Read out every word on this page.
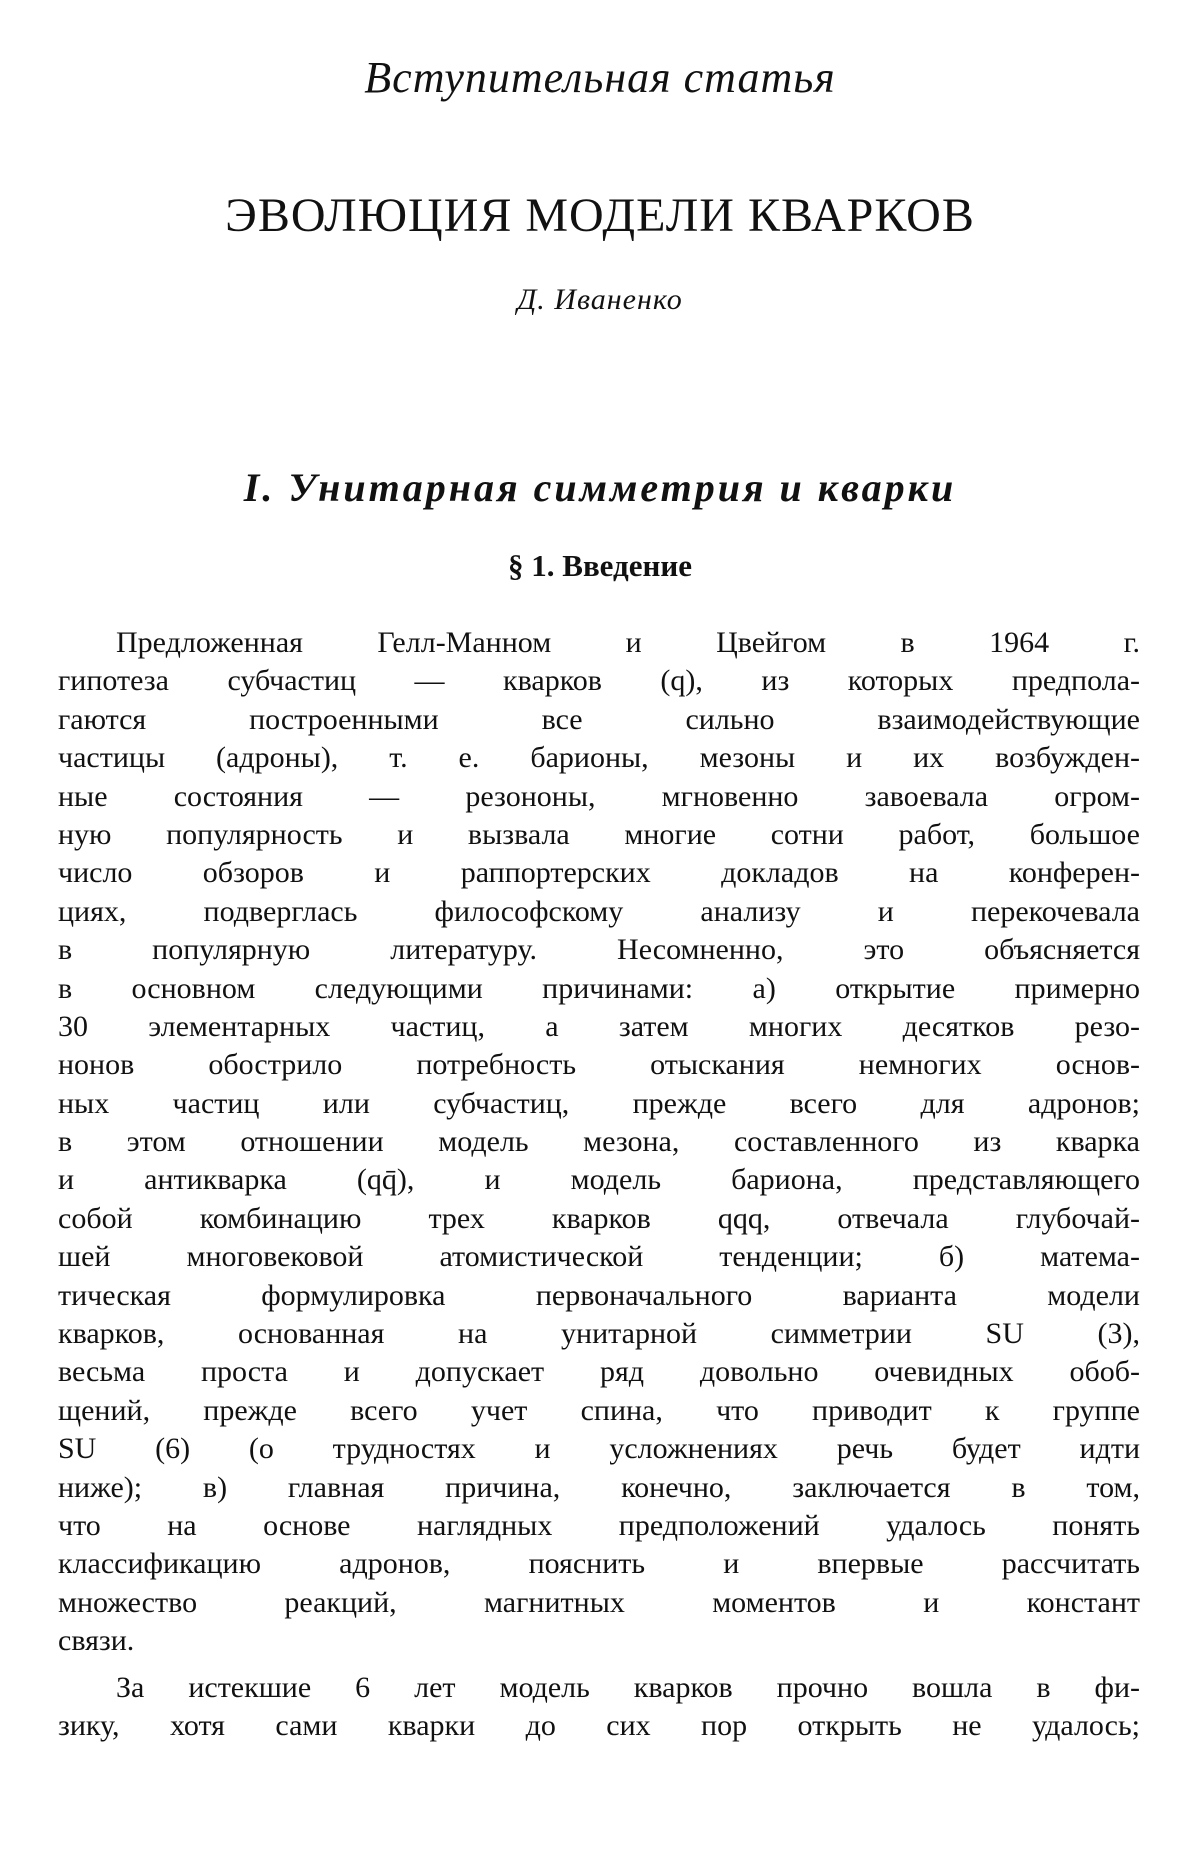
Вступительная статья
ЭВОЛЮЦИЯ МОДЕЛИ КВАРКОВ
Д. Иваненко
I. Унитарная симметрия и кварки
§ 1. Введение
Предложенная Гелл-Манном и Цвейгом в 1964 г.
гипотеза субчастиц — кварков (q), из которых предпола-
гаются построенными все сильно взаимодействующие
частицы (адроны), т. е. барионы, мезоны и их возбужден-
ные состояния — резононы, мгновенно завоевала огром-
ную популярность и вызвала многие сотни работ, большое
число обзоров и раппортерских докладов на конферен-
циях, подверглась философскому анализу и перекочевала
в популярную литературу. Несомненно, это объясняется
в основном следующими причинами: а) открытие примерно
30 элементарных частиц, а затем многих десятков резо-
нонов обострило потребность отыскания немногих основ-
ных частиц или субчастиц, прежде всего для адронов;
в этом отношении модель мезона, составленного из кварка
и антикварка (qq̄), и модель бариона, представляющего
собой комбинацию трех кварков qqq, отвечала глубочай-
шей многовековой атомистической тенденции; б) матема-
тическая формулировка первоначального варианта модели
кварков, основанная на унитарной симметрии SU (3),
весьма проста и допускает ряд довольно очевидных обоб-
щений, прежде всего учет спина, что приводит к группе
SU (6) (о трудностях и усложнениях речь будет идти
ниже); в) главная причина, конечно, заключается в том,
что на основе наглядных предположений удалось понять
классификацию адронов, пояснить и впервые рассчитать
множество реакций, магнитных моментов и констант
связи.
За истекшие 6 лет модель кварков прочно вошла в фи-
зику, хотя сами кварки до сих пор открыть не удалось;
